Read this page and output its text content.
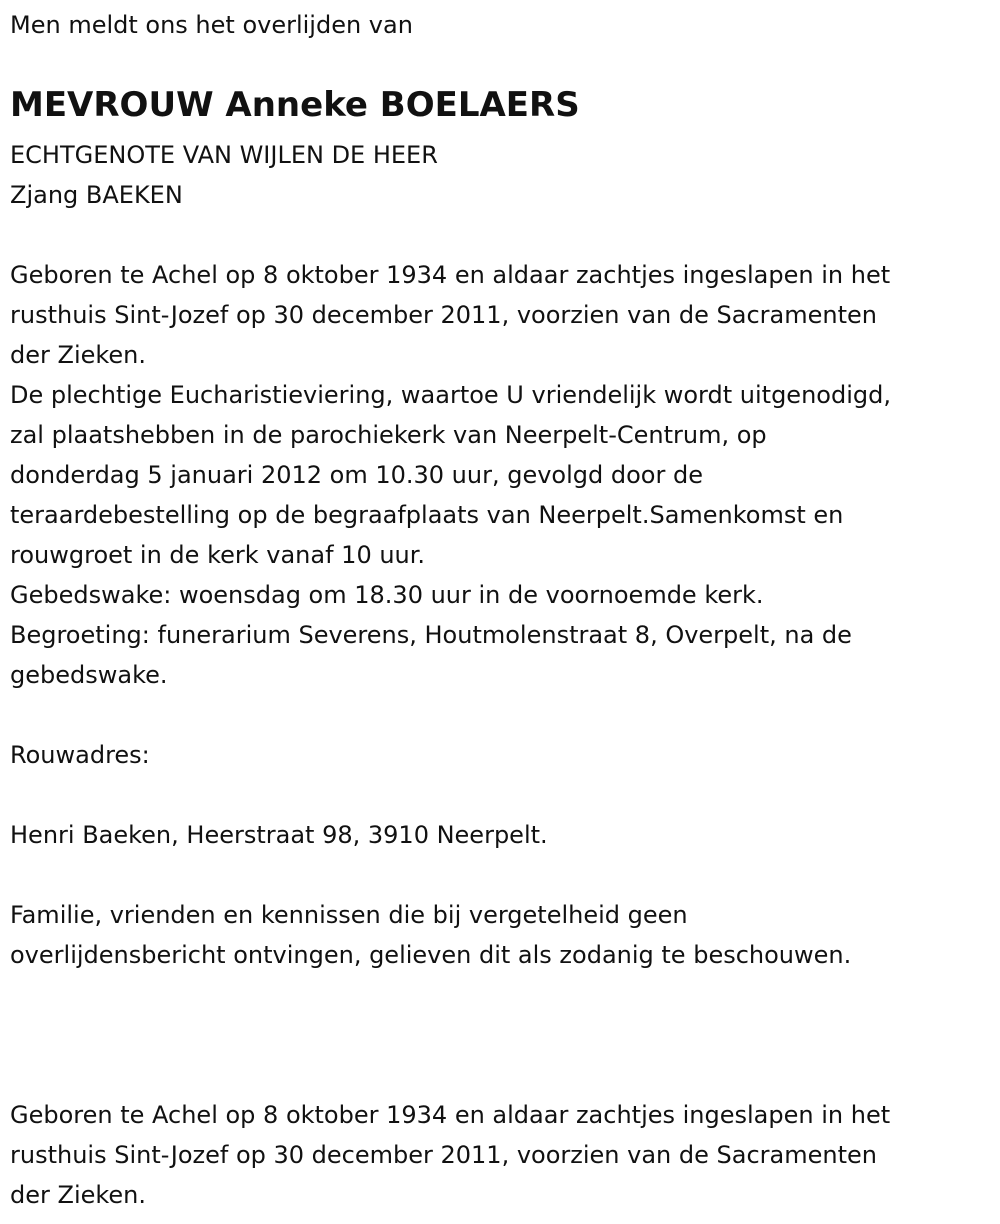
Men meldt ons het overlijden van
MEVROUW Anneke BOELAERS
ECHTGENOTE VAN WIJLEN DE HEER
Zjang BAEKEN
Geboren te Achel op 8 oktober 1934 en aldaar zachtjes ingeslapen in het
rusthuis Sint-Jozef op 30 december 2011, voorzien van de Sacramenten
der Zieken.
De plechtige Eucharistieviering, waartoe U vriendelijk wordt uitgenodigd,
zal plaatshebben in de parochiekerk van Neerpelt-Centrum, op
donderdag 5 januari 2012 om 10.30 uur, gevolgd door de
teraardebestelling op de begraafplaats van Neerpelt.Samenkomst en
rouwgroet in de kerk vanaf 10 uur.
Gebedswake: woensdag om 18.30 uur in de voornoemde kerk.
Begroeting: funerarium Severens, Houtmolenstraat 8, Overpelt, na de
gebedswake.
Rouwadres:
Henri Baeken, Heerstraat 98, 3910 Neerpelt.
Familie, vrienden en kennissen die bij vergetelheid geen
overlijdensbericht ontvingen, gelieven dit als zodanig te beschouwen.
Geboren te Achel op 8 oktober 1934 en aldaar zachtjes ingeslapen in het
rusthuis Sint-Jozef op 30 december 2011, voorzien van de Sacramenten
der Zieken.
